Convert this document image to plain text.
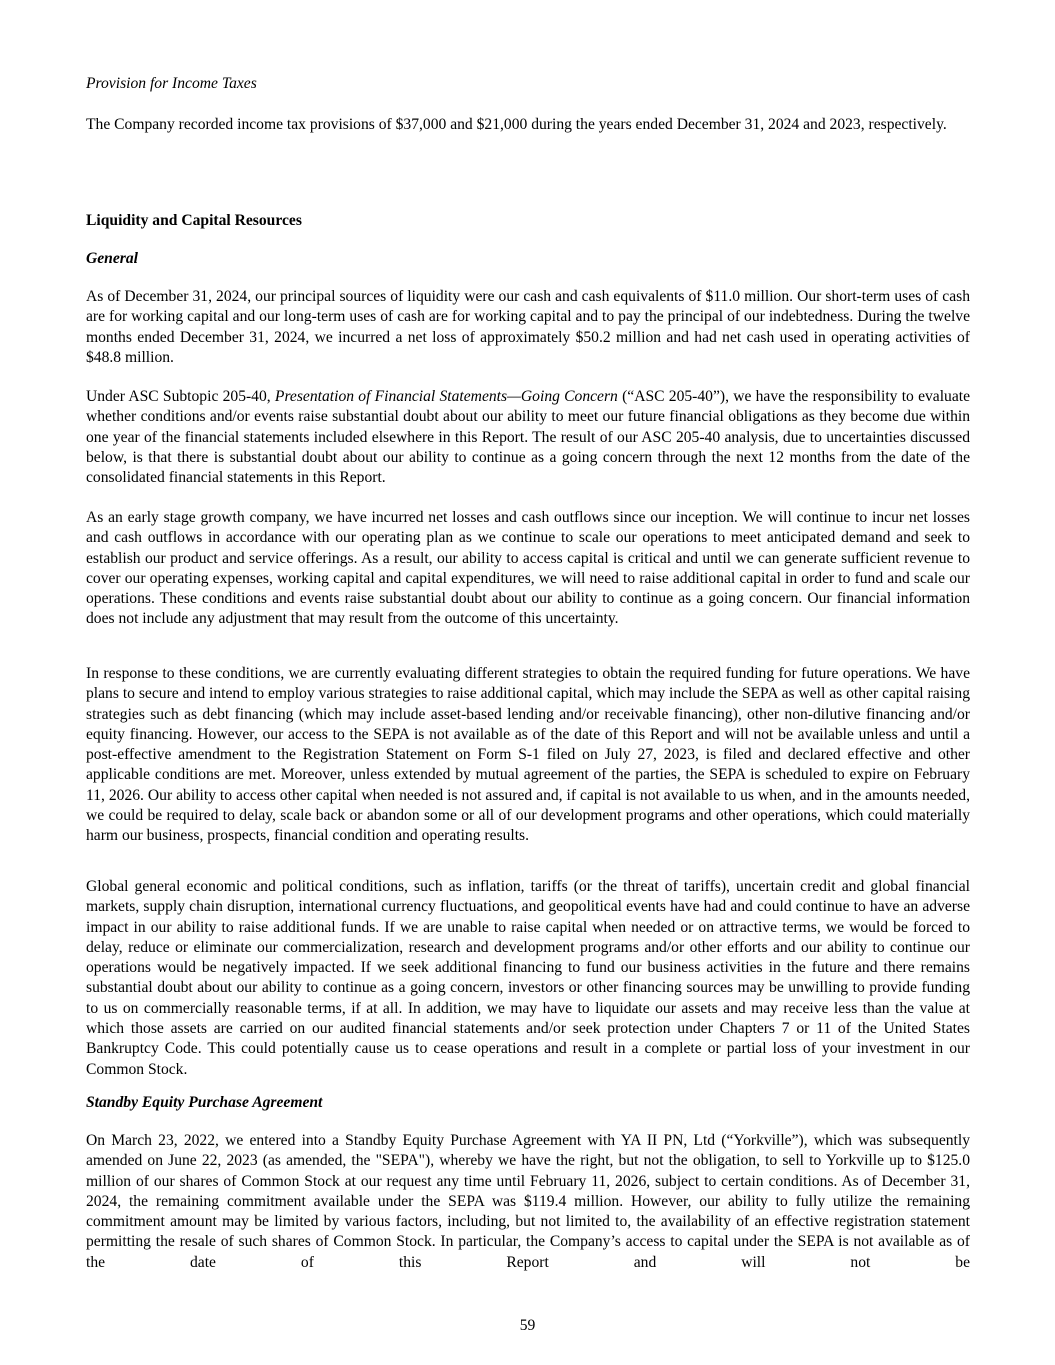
Provision for Income Taxes

The Company recorded income tax provisions of $37,000 and $21,000 during the years ended December 31, 2024 and 2023, respectively.

Liquidity and Capital Resources
General

As of December 31, 2024, our principal sources of liquidity were our cash and cash equivalents of $11.0 million. Our short-term uses of cash are for working capital and our long-term uses of cash are for working capital and to pay the principal of our indebtedness. During the twelve months ended December 31, 2024, we incurred a net loss of approximately $50.2 million and had net cash used in operating activities of $48.8 million.

Under ASC Subtopic 205-40, Presentation of Financial Statements—Going Concern (“ASC 205-40”), we have the responsibility to evaluate whether conditions and/or events raise substantial doubt about our ability to meet our future financial obligations as they become due within one year of the financial statements included elsewhere in this Report. The result of our ASC 205-40 analysis, due to uncertainties discussed below, is that there is substantial doubt about our ability to continue as a going concern through the next 12 months from the date of the consolidated financial statements in this Report.

As an early stage growth company, we have incurred net losses and cash outflows since our inception. We will continue to incur net losses and cash outflows in accordance with our operating plan as we continue to scale our operations to meet anticipated demand and seek to establish our product and service offerings. As a result, our ability to access capital is critical and until we can generate sufficient revenue to cover our operating expenses, working capital and capital expenditures, we will need to raise additional capital in order to fund and scale our operations. These conditions and events raise substantial doubt about our ability to continue as a going concern. Our financial information does not include any adjustment that may result from the outcome of this uncertainty.

In response to these conditions, we are currently evaluating different strategies to obtain the required funding for future operations. We have plans to secure and intend to employ various strategies to raise additional capital, which may include the SEPA as well as other capital raising strategies such as debt financing (which may include asset-based lending and/or receivable financing), other non-dilutive financing and/or equity financing. However, our access to the SEPA is not available as of the date of this Report and will not be available unless and until a post-effective amendment to the Registration Statement on Form S-1 filed on July 27, 2023, is filed and declared effective and other applicable conditions are met. Moreover, unless extended by mutual agreement of the parties, the SEPA is scheduled to expire on February 11, 2026. Our ability to access other capital when needed is not assured and, if capital is not available to us when, and in the amounts needed, we could be required to delay, scale back or abandon some or all of our development programs and other operations, which could materially harm our business, prospects, financial condition and operating results.

Global general economic and political conditions, such as inflation, tariffs (or the threat of tariffs), uncertain credit and global financial markets, supply chain disruption, international currency fluctuations, and geopolitical events have had and could continue to have an adverse impact in our ability to raise additional funds. If we are unable to raise capital when needed or on attractive terms, we would be forced to delay, reduce or eliminate our commercialization, research and development programs and/or other efforts and our ability to continue our operations would be negatively impacted. If we seek additional financing to fund our business activities in the future and there remains substantial doubt about our ability to continue as a going concern, investors or other financing sources may be unwilling to provide funding to us on commercially reasonable terms, if at all. In addition, we may have to liquidate our assets and may receive less than the value at which those assets are carried on our audited financial statements and/or seek protection under Chapters 7 or 11 of the United States Bankruptcy Code. This could potentially cause us to cease operations and result in a complete or partial loss of your investment in our Common Stock.

Standby Equity Purchase Agreement

On March 23, 2022, we entered into a Standby Equity Purchase Agreement with YA II PN, Ltd (“Yorkville”), which was subsequently amended on June 22, 2023 (as amended, the "SEPA"), whereby we have the right, but not the obligation, to sell to Yorkville up to $125.0 million of our shares of Common Stock at our request any time until February 11, 2026, subject to certain conditions. As of December 31, 2024, the remaining commitment available under the SEPA was $119.4 million. However, our ability to fully utilize the remaining commitment amount may be limited by various factors, including, but not limited to, the availability of an effective registration statement permitting the resale of such shares of Common Stock. In particular, the Company’s access to capital under the SEPA is not available as of the date of this Report and will not be

59
